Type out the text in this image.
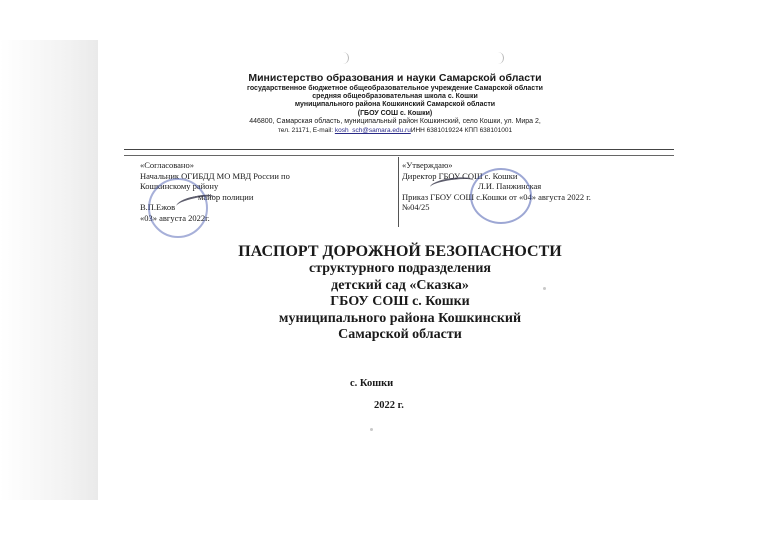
Министерство образования и науки Самарской области
государственное бюджетное общеобразовательное учреждение Самарской области
средняя общеобразовательная школа с. Кошки
муниципального района Кошкинский Самарской области
(ГБОУ СОШ с. Кошки)
446800, Самарская область, муниципальный район Кошкинский, село Кошки, ул. Мира 2,
тел. 21171, E-mail: kosh_sch@samara.edu.ruИНН 6381019224 КПП 638101001
«Согласовано»
Начальник ОГИБДД МО МВД России по
Кошкинскому району
майор полиции
В.П.Ежов
«03» августа 2022г.
«Утверждаю»
Директор ГБОУ СОШ с. Кошки
Л.И. Панжинская
Приказ ГБОУ СОШ с.Кошки от «04» августа 2022 г.
№04/25
ПАСПОРТ ДОРОЖНОЙ БЕЗОПАСНОСТИ
структурного подразделения
детский сад «Сказка»
ГБОУ СОШ с. Кошки
муниципального района Кошкинский
Самарской области
с. Кошки
2022 г.
